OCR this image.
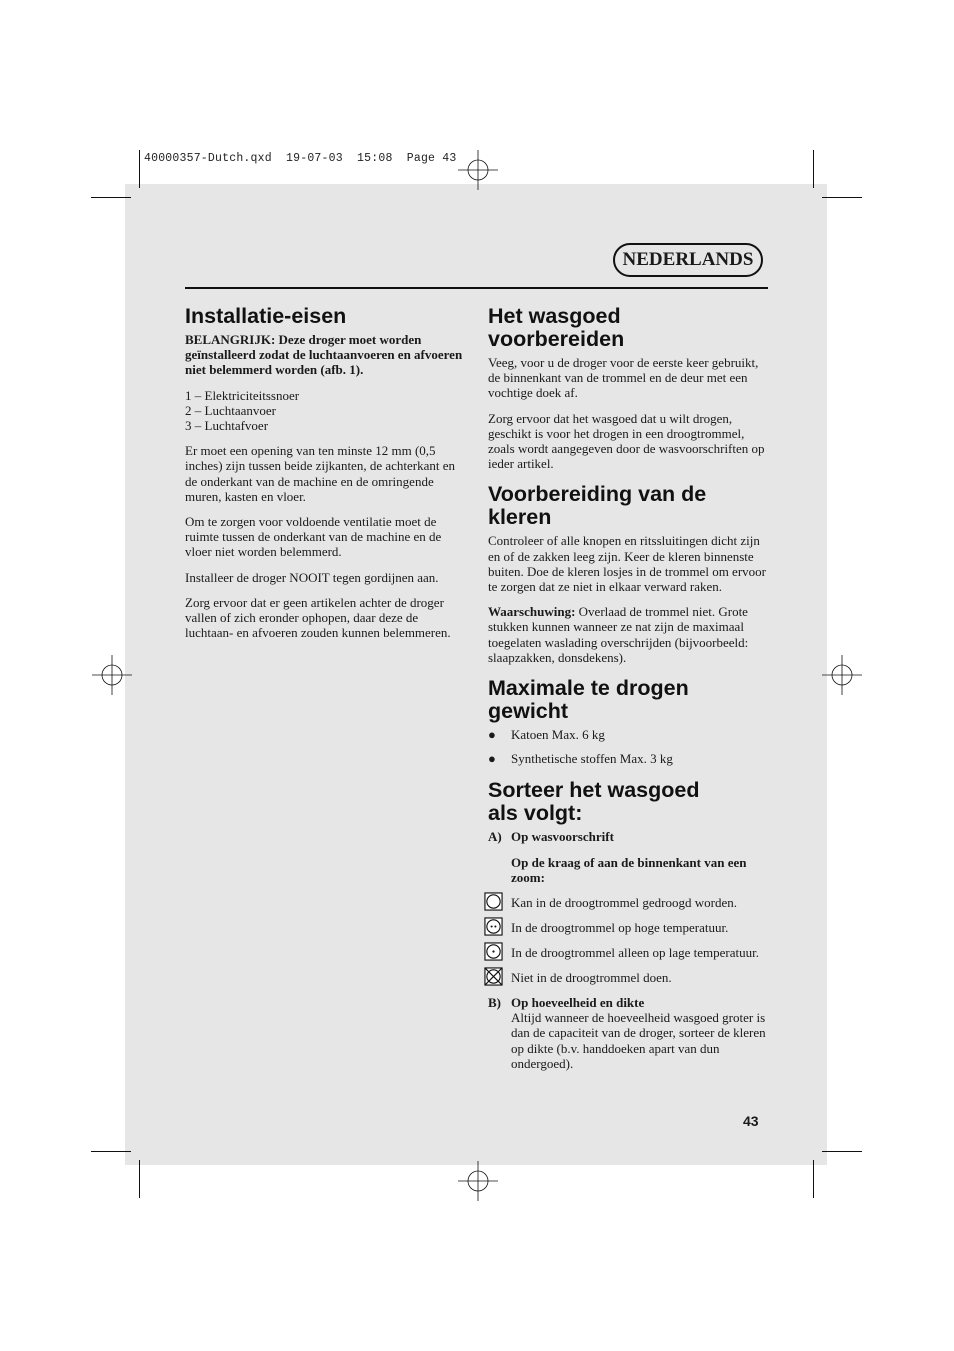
40000357-Dutch.qxd  19-07-03  15:08  Page 43
NEDERLANDS
Installatie-eisen

BELANGRIJK: Deze droger moet worden geïnstalleerd zodat de luchtaanvoeren en afvoeren niet belemmerd worden (afb. 1).

1 – Elektriciteitssnoer
2 – Luchtaanvoer
3 – Luchtafvoer

Er moet een opening van ten minste 12 mm (0,5 inches) zijn tussen beide zijkanten, de achterkant en de onderkant van de machine en de omringende muren, kasten en vloer.

Om te zorgen voor voldoende ventilatie moet de ruimte tussen de onderkant van de machine en de vloer niet worden belemmerd.

Installeer de droger NOOIT tegen gordijnen aan.

Zorg ervoor dat er geen artikelen achter de droger vallen of zich eronder ophopen, daar deze de luchtaan- en afvoeren zouden kunnen belemmeren.

Het wasgoed voorbereiden

Veeg, voor u de droger voor de eerste keer gebruikt, de binnenkant van de trommel en de deur met een vochtige doek af.

Zorg ervoor dat het wasgoed dat u wilt drogen, geschikt is voor het drogen in een droogtrommel, zoals wordt aangegeven door de wasvoorschriften op ieder artikel.

Voorbereiding van de kleren

Controleer of alle knopen en ritssluitingen dicht zijn en of de zakken leeg zijn. Keer de kleren binnenste buiten. Doe de kleren losjes in de trommel om ervoor te zorgen dat ze niet in elkaar verward raken.

Waarschuwing: Overlaad de trommel niet. Grote stukken kunnen wanneer ze nat zijn de maximaal toegelaten waslading overschrijden (bijvoorbeeld: slaapzakken, donsdekens).

Maximale te drogen gewicht
●	Katoen Max. 6 kg
●	Synthetische stoffen Max. 3 kg
Sorteer het wasgoed als volgt:
A) Op wasvoorschrift
Op de kraag of aan de binnenkant van een zoom:
Kan in de droogtrommel gedroogd worden.
In de droogtrommel op hoge temperatuur.
In de droogtrommel alleen op lage temperatuur.
Niet in de droogtrommel doen.
B) Op hoeveelheid en dikte
Altijd wanneer de hoeveelheid wasgoed groter is dan de capaciteit van de droger, sorteer de kleren op dikte (b.v. handdoeken apart van dun ondergoed).
43
